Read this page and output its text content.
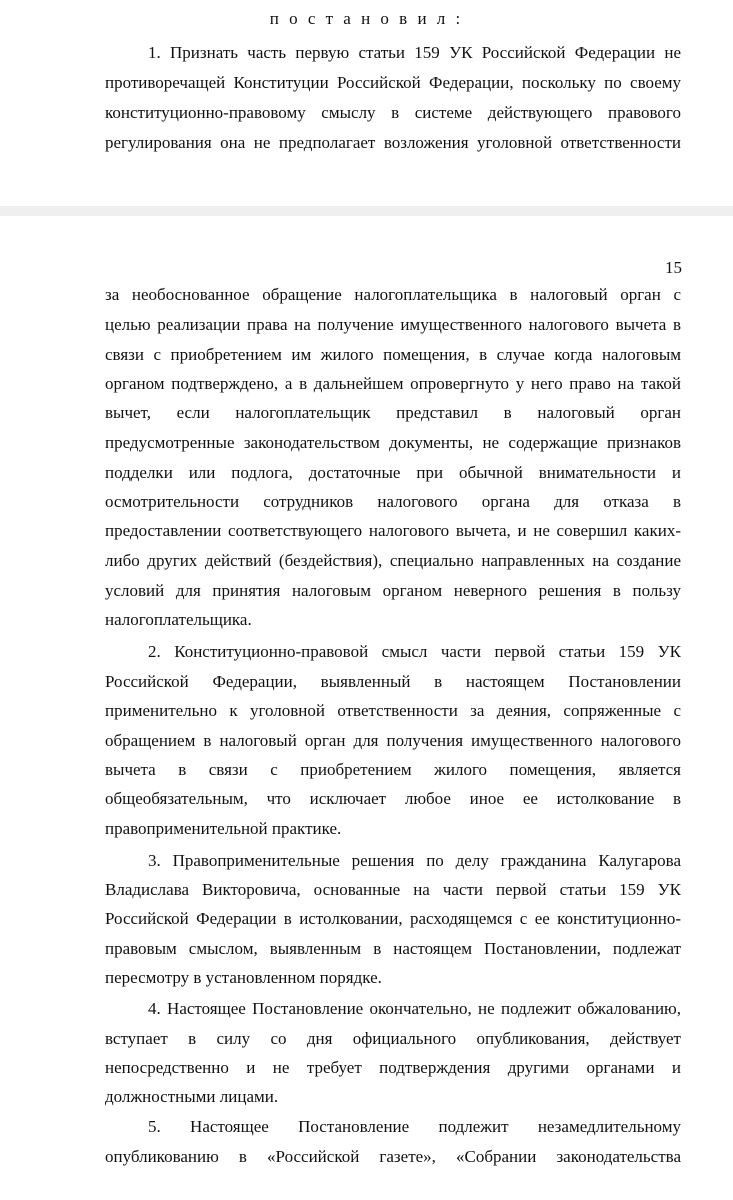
п о с т а н о в и л :
1. Признать часть первую статьи 159 УК Российской Федерации не
противоречащей Конституции Российской Федерации, поскольку по своему
конституционно-правовому смыслу в системе действующего правового
регулирования она не предполагает возложения уголовной ответственности
15
за необоснованное обращение налогоплательщика в налоговый орган с
целью реализации права на получение имущественного налогового вычета в
связи с приобретением им жилого помещения, в случае когда налоговым
органом подтверждено, а в дальнейшем опровергнуто у него право на такой
вычет, если налогоплательщик представил в налоговый орган
предусмотренные законодательством документы, не содержащие признаков
подделки или подлога, достаточные при обычной внимательности и
осмотрительности сотрудников налогового органа для отказа в
предоставлении соответствующего налогового вычета, и не совершил каких-
либо других действий (бездействия), специально направленных на создание
условий для принятия налоговым органом неверного решения в пользу
налогоплательщика.
2. Конституционно-правовой смысл части первой статьи 159 УК
Российской Федерации, выявленный в настоящем Постановлении
применительно к уголовной ответственности за деяния, сопряженные с
обращением в налоговый орган для получения имущественного налогового
вычета в связи с приобретением жилого помещения, является
общеобязательным, что исключает любое иное ее истолкование в
правоприменительной практике.
3. Правоприменительные решения по делу гражданина Калугарова
Владислава Викторовича, основанные на части первой статьи 159 УК
Российской Федерации в истолковании, расходящемся с ее конституционно-
правовым смыслом, выявленным в настоящем Постановлении, подлежат
пересмотру в установленном порядке.
4. Настоящее Постановление окончательно, не подлежит обжалованию,
вступает в силу со дня официального опубликования, действует
непосредственно и не требует подтверждения другими органами и
должностными лицами.
5. Настоящее Постановление подлежит незамедлительному
опубликованию в «Российской газете», «Собрании законодательства
